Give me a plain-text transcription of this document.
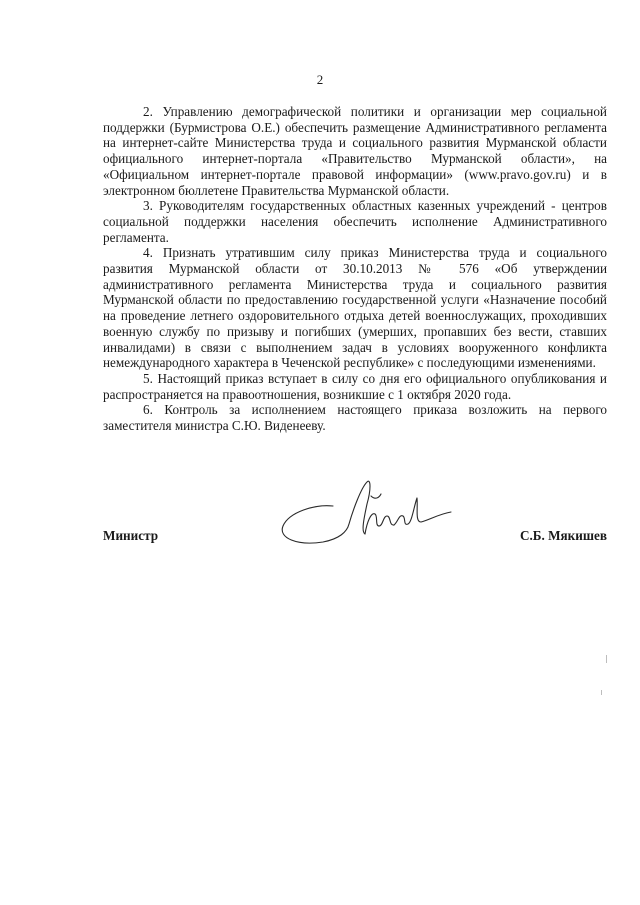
2

2. Управлению демографической политики и организации мер социальной поддержки (Бурмистрова О.Е.) обеспечить размещение Административного регламента на интернет-сайте Министерства труда и социального развития Мурманской области официального интернет-портала «Правительство Мурманской области», на «Официальном интернет-портале правовой информации» (www.pravo.gov.ru) и в электронном бюллетене Правительства Мурманской области.

3. Руководителям государственных областных казенных учреждений - центров социальной поддержки населения обеспечить исполнение Административного регламента.

4. Признать утратившим силу приказ Министерства труда и социального развития Мурманской области от 30.10.2013 № 576 «Об утверждении административного регламента Министерства труда и социального развития Мурманской области по предоставлению государственной услуги «Назначение пособий на проведение летнего оздоровительного отдыха детей военнослужащих, проходивших военную службу по призыву и погибших (умерших, пропавших без вести, ставших инвалидами) в связи с выполнением задач в условиях вооруженного конфликта немеждународного характера в Чеченской республике» с последующими изменениями.

5. Настоящий приказ вступает в силу со дня его официального опубликования и распространяется на правоотношения, возникшие с 1 октября 2020 года.

6. Контроль за исполнением настоящего приказа возложить на первого заместителя министра С.Ю. Виденееву.

Министр	С.Б. Мякишев
